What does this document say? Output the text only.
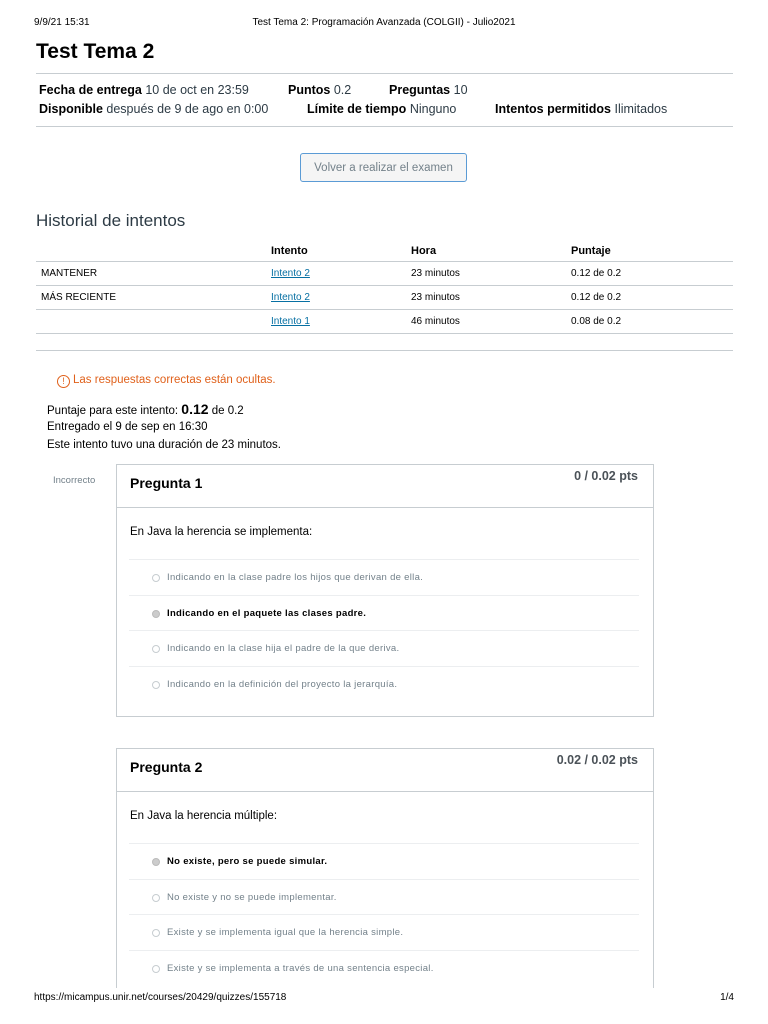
9/9/21 15:31	Test Tema 2: Programación Avanzada (COLGII) - Julio2021
Test Tema 2
Fecha de entrega 10 de oct en 23:59	Puntos 0.2	Preguntas 10
Disponible después de 9 de ago en 0:00	Límite de tiempo Ninguno	Intentos permitidos Ilimitados
Volver a realizar el examen
Historial de intentos
	Intento	Hora	Puntaje
MANTENER	Intento 2	23 minutos	0.12 de 0.2
MÁS RECIENTE	Intento 2	23 minutos	0.12 de 0.2
	Intento 1	46 minutos	0.08 de 0.2
! Las respuestas correctas están ocultas.
Puntaje para este intento: 0.12 de 0.2
Entregado el 9 de sep en 16:30
Este intento tuvo una duración de 23 minutos.
Incorrecto Pregunta 1	0 / 0.02 pts
En Java la herencia se implementa:
Indicando en la clase padre los hijos que derivan de ella.
Indicando en el paquete las clases padre.
Indicando en la clase hija el padre de la que deriva.
Indicando en la definición del proyecto la jerarquía.
Pregunta 2	0.02 / 0.02 pts
En Java la herencia múltiple:
No existe, pero se puede simular.
No existe y no se puede implementar.
Existe y se implementa igual que la herencia simple.
Existe y se implementa a través de una sentencia especial.
https://micampus.unir.net/courses/20429/quizzes/155718	1/4
